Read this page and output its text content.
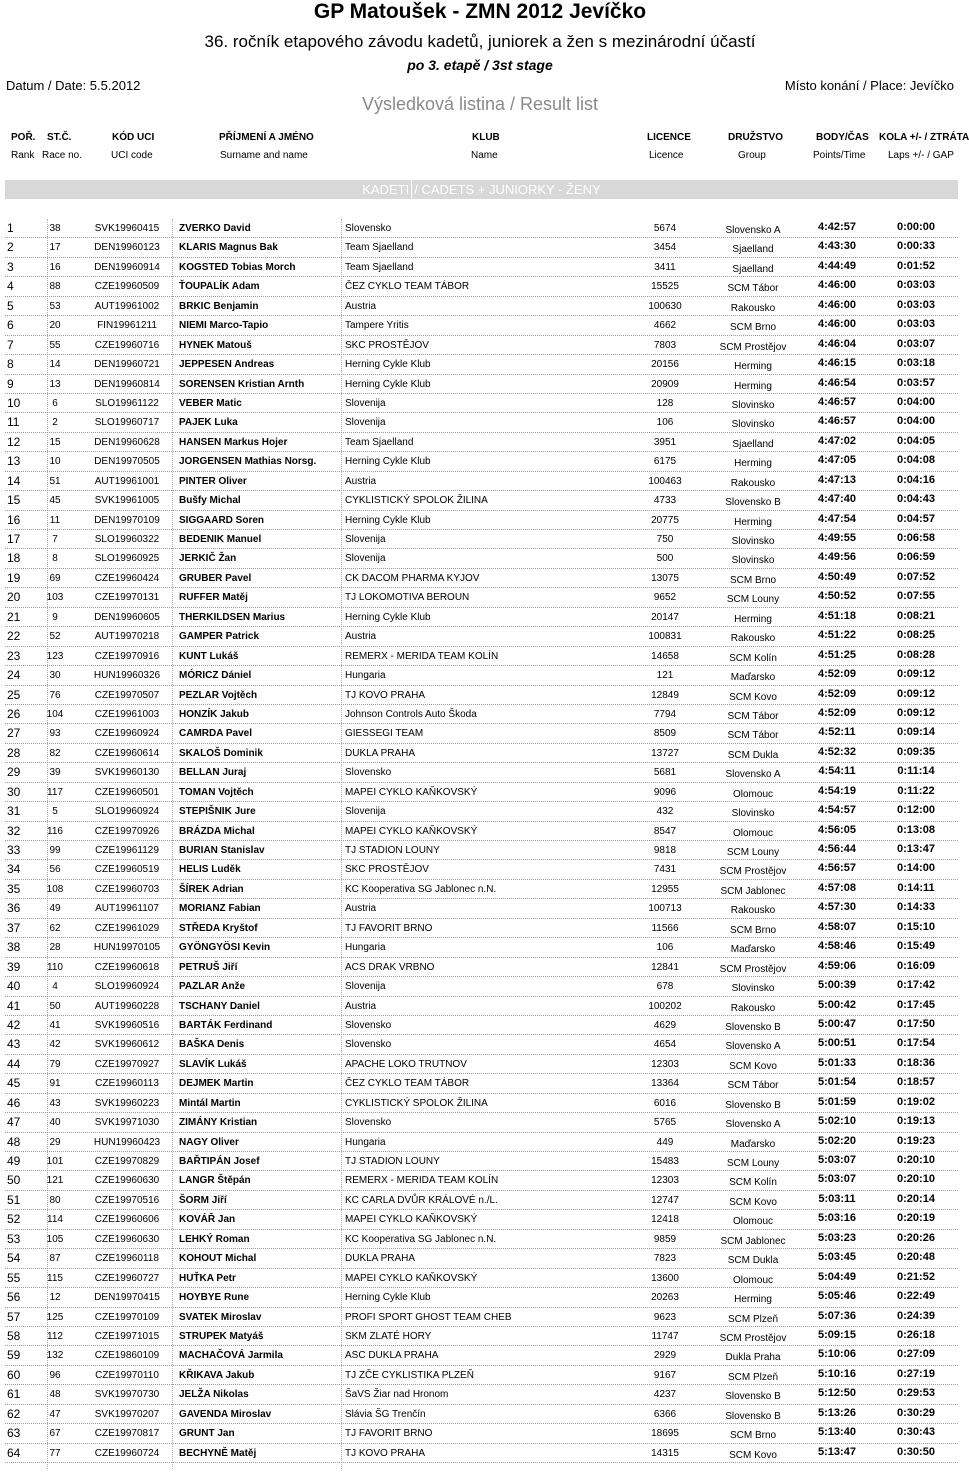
GP Matoušek - ZMN 2012 Jevíčko
36. ročník etapového závodu kadetů, juniorek a žen s mezinárodní účastí
po 3. etapě / 3st stage
Datum / Date: 5.5.2012	Místo konání / Place: Jevíčko
Výsledková listina / Result list
POŘ. ST.Č.	KÓD UCI	PŘÍJMENÍ A JMÉNO	KLUB	LICENCE	DRUŽSTVO	BODY/ČAS KOLA +/- / ZTRÁTA
Rank Race no.	UCI code	Surname and name	Name	Licence	Group	Points/Time Laps +/- / GAP
KADETI / CADETS + JUNIORKY - ŽENY
1	38	SVK19960415	ZVERKO David	Slovensko	5674	Slovensko A	4:42:57	0:00:00
2	17	DEN19960123	KLARIS Magnus Bak	Team Sjaelland	3454	Sjaelland	4:43:30	0:00:33
3	16	DEN19960914	KOGSTED Tobias Morch	Team Sjaelland	3411	Sjaelland	4:44:49	0:01:52
4	88	CZE19960509	ŤOUPALÍK Adam	ČEZ CYKLO TEAM TÁBOR	15525	SCM Tábor	4:46:00	0:03:03
5	53	AUT19961002	BRKIC Benjamin	Austria	100630	Rakousko	4:46:00	0:03:03
6	20	FIN19961211	NIEMI Marco-Tapio	Tampere Yritis	4662	SCM Brno	4:46:00	0:03:03
7	55	CZE19960716	HYNEK Matouš	SKC PROSTĚJOV	7803	SCM Prostějov	4:46:04	0:03:07
8	14	DEN19960721	JEPPESEN Andreas	Herning Cykle Klub	20156	Herming	4:46:15	0:03:18
9	13	DEN19960814	SORENSEN Kristian Arnth	Herning Cykle Klub	20909	Herming	4:46:54	0:03:57
10	6	SLO19961122	VEBER Matic	Slovenija	128	Slovinsko	4:46:57	0:04:00
11	2	SLO19960717	PAJEK Luka	Slovenija	106	Slovinsko	4:46:57	0:04:00
12	15	DEN19960628	HANSEN Markus Hojer	Team Sjaelland	3951	Sjaelland	4:47:02	0:04:05
13	10	DEN19970505	JORGENSEN Mathias Norsg.	Herning Cykle Klub	6175	Herming	4:47:05	0:04:08
14	51	AUT19961001	PINTER Oliver	Austria	100463	Rakousko	4:47:13	0:04:16
15	45	SVK19961005	Bušfy Michal	CYKLISTICKÝ SPOLOK ŽILINA	4733	Slovensko B	4:47:40	0:04:43
16	11	DEN19970109	SIGGAARD Soren	Herning Cykle Klub	20775	Herming	4:47:54	0:04:57
17	7	SLO19960322	BEDENIK Manuel	Slovenija	750	Slovinsko	4:49:55	0:06:58
18	8	SLO19960925	JERKIČ Žan	Slovenija	500	Slovinsko	4:49:56	0:06:59
19	69	CZE19960424	GRUBER Pavel	CK DACOM PHARMA KYJOV	13075	SCM Brno	4:50:49	0:07:52
20	103	CZE19970131	RUFFER Matěj	TJ LOKOMOTIVA BEROUN	9652	SCM Louny	4:50:52	0:07:55
21	9	DEN19960605	THERKILDSEN Marius	Herning Cykle Klub	20147	Herming	4:51:18	0:08:21
22	52	AUT19970218	GAMPER Patrick	Austria	100831	Rakousko	4:51:22	0:08:25
23	123	CZE19970916	KUNT Lukáš	REMERX - MERIDA TEAM KOLÍN	14658	SCM Kolín	4:51:25	0:08:28
24	30	HUN19960326	MÓRICZ Dániel	Hungaria	121	Maďarsko	4:52:09	0:09:12
25	76	CZE19970507	PEZLAR Vojtěch	TJ KOVO PRAHA	12849	SCM Kovo	4:52:09	0:09:12
26	104	CZE19961003	HONZÍK Jakub	Johnson Controls Auto Škoda	7794	SCM Tábor	4:52:09	0:09:12
27	93	CZE19960924	CAMRDA Pavel	GIESSEGI TEAM	8509	SCM Tábor	4:52:11	0:09:14
28	82	CZE19960614	SKALOŠ Dominik	DUKLA PRAHA	13727	SCM Dukla	4:52:32	0:09:35
29	39	SVK19960130	BELLAN Juraj	Slovensko	5681	Slovensko A	4:54:11	0:11:14
30	117	CZE19960501	TOMAN Vojtěch	MAPEI CYKLO KAŇKOVSKÝ	9096	Olomouc	4:54:19	0:11:22
31	5	SLO19960924	STEPIŠNIK Jure	Slovenija	432	Slovinsko	4:54:57	0:12:00
32	116	CZE19970926	BRÁZDA Michal	MAPEI CYKLO KAŇKOVSKÝ	8547	Olomouc	4:56:05	0:13:08
33	99	CZE19961129	BURIAN Stanislav	TJ STADION LOUNY	9818	SCM Louny	4:56:44	0:13:47
34	56	CZE19960519	HELIS Luděk	SKC PROSTĚJOV	7431	SCM Prostějov	4:56:57	0:14:00
35	108	CZE19960703	ŠÍREK Adrian	KC Kooperativa SG Jablonec n.N.	12955	SCM Jablonec	4:57:08	0:14:11
36	49	AUT19961107	MORIANZ Fabian	Austria	100713	Rakousko	4:57:30	0:14:33
37	62	CZE19961029	STŘEDA Kryštof	TJ FAVORIT BRNO	11566	SCM Brno	4:58:07	0:15:10
38	28	HUN19970105	GYÖNGYÖSI Kevin	Hungaria	106	Maďarsko	4:58:46	0:15:49
39	110	CZE19960618	PETRUŠ Jiří	ACS DRAK VRBNO	12841	SCM Prostějov	4:59:06	0:16:09
40	4	SLO19960924	PAZLAR Anže	Slovenija	678	Slovinsko	5:00:39	0:17:42
41	50	AUT19960228	TSCHANY Daniel	Austria	100202	Rakousko	5:00:42	0:17:45
42	41	SVK19960516	BARTÁK Ferdinand	Slovensko	4629	Slovensko B	5:00:47	0:17:50
43	42	SVK19960612	BAŠKA Denis	Slovensko	4654	Slovensko A	5:00:51	0:17:54
44	79	CZE19970927	SLAVÍK Lukáš	APACHE LOKO TRUTNOV	12303	SCM Kovo	5:01:33	0:18:36
45	91	CZE19960113	DEJMEK Martin	ČEZ CYKLO TEAM TÁBOR	13364	SCM Tábor	5:01:54	0:18:57
46	43	SVK19960223	Mintál Martin	CYKLISTICKÝ SPOLOK ŽILINA	6016	Slovensko B	5:01:59	0:19:02
47	40	SVK19971030	ZIMÁNY Kristian	Slovensko	5765	Slovensko A	5:02:10	0:19:13
48	29	HUN19960423	NAGY Oliver	Hungaria	449	Maďarsko	5:02:20	0:19:23
49	101	CZE19970829	BAŘTIPÁN Josef	TJ STADION LOUNY	15483	SCM Louny	5:03:07	0:20:10
50	121	CZE19960630	LANGR Štěpán	REMERX - MERIDA TEAM KOLÍN	12303	SCM Kolín	5:03:07	0:20:10
51	80	CZE19970516	ŠORM Jiří	KC CARLA DVŮR KRÁLOVÉ n./L.	12747	SCM Kovo	5:03:11	0:20:14
52	114	CZE19960606	KOVÁŘ Jan	MAPEI CYKLO KAŇKOVSKÝ	12418	Olomouc	5:03:16	0:20:19
53	105	CZE19960630	LEHKÝ Roman	KC Kooperativa SG Jablonec n.N.	9859	SCM Jablonec	5:03:23	0:20:26
54	87	CZE19960118	KOHOUT Michal	DUKLA PRAHA	7823	SCM Dukla	5:03:45	0:20:48
55	115	CZE19960727	HUŤKA Petr	MAPEI CYKLO KAŇKOVSKÝ	13600	Olomouc	5:04:49	0:21:52
56	12	DEN19970415	HOYBYE Rune	Herning Cykle Klub	20263	Herming	5:05:46	0:22:49
57	125	CZE19970109	SVATEK Miroslav	PROFI SPORT GHOST TEAM CHEB	9623	SCM Plzeň	5:07:36	0:24:39
58	112	CZE19971015	STRUPEK Matyáš	SKM ZLATÉ HORY	11747	SCM Prostějov	5:09:15	0:26:18
59	132	CZE19860109	MACHAČOVÁ Jarmila	ASC DUKLA PRAHA	2929	Dukla Praha	5:10:06	0:27:09
60	96	CZE19970110	KŘIKAVA Jakub	TJ ZČE CYKLISTIKA PLZEŇ	9167	SCM Plzeň	5:10:16	0:27:19
61	48	SVK19970730	JELŽA Nikolas	ŠaVS Žiar nad Hronom	4237	Slovensko B	5:12:50	0:29:53
62	47	SVK19970207	GAVENDA Miroslav	Slávia ŠG Trenčín	6366	Slovensko B	5:13:26	0:30:29
63	67	CZE19970817	GRUNT Jan	TJ FAVORIT BRNO	18695	SCM Brno	5:13:40	0:30:43
64	77	CZE19960724	BECHYNĚ Matěj	TJ KOVO PRAHA	14315	SCM Kovo	5:13:47	0:30:50
